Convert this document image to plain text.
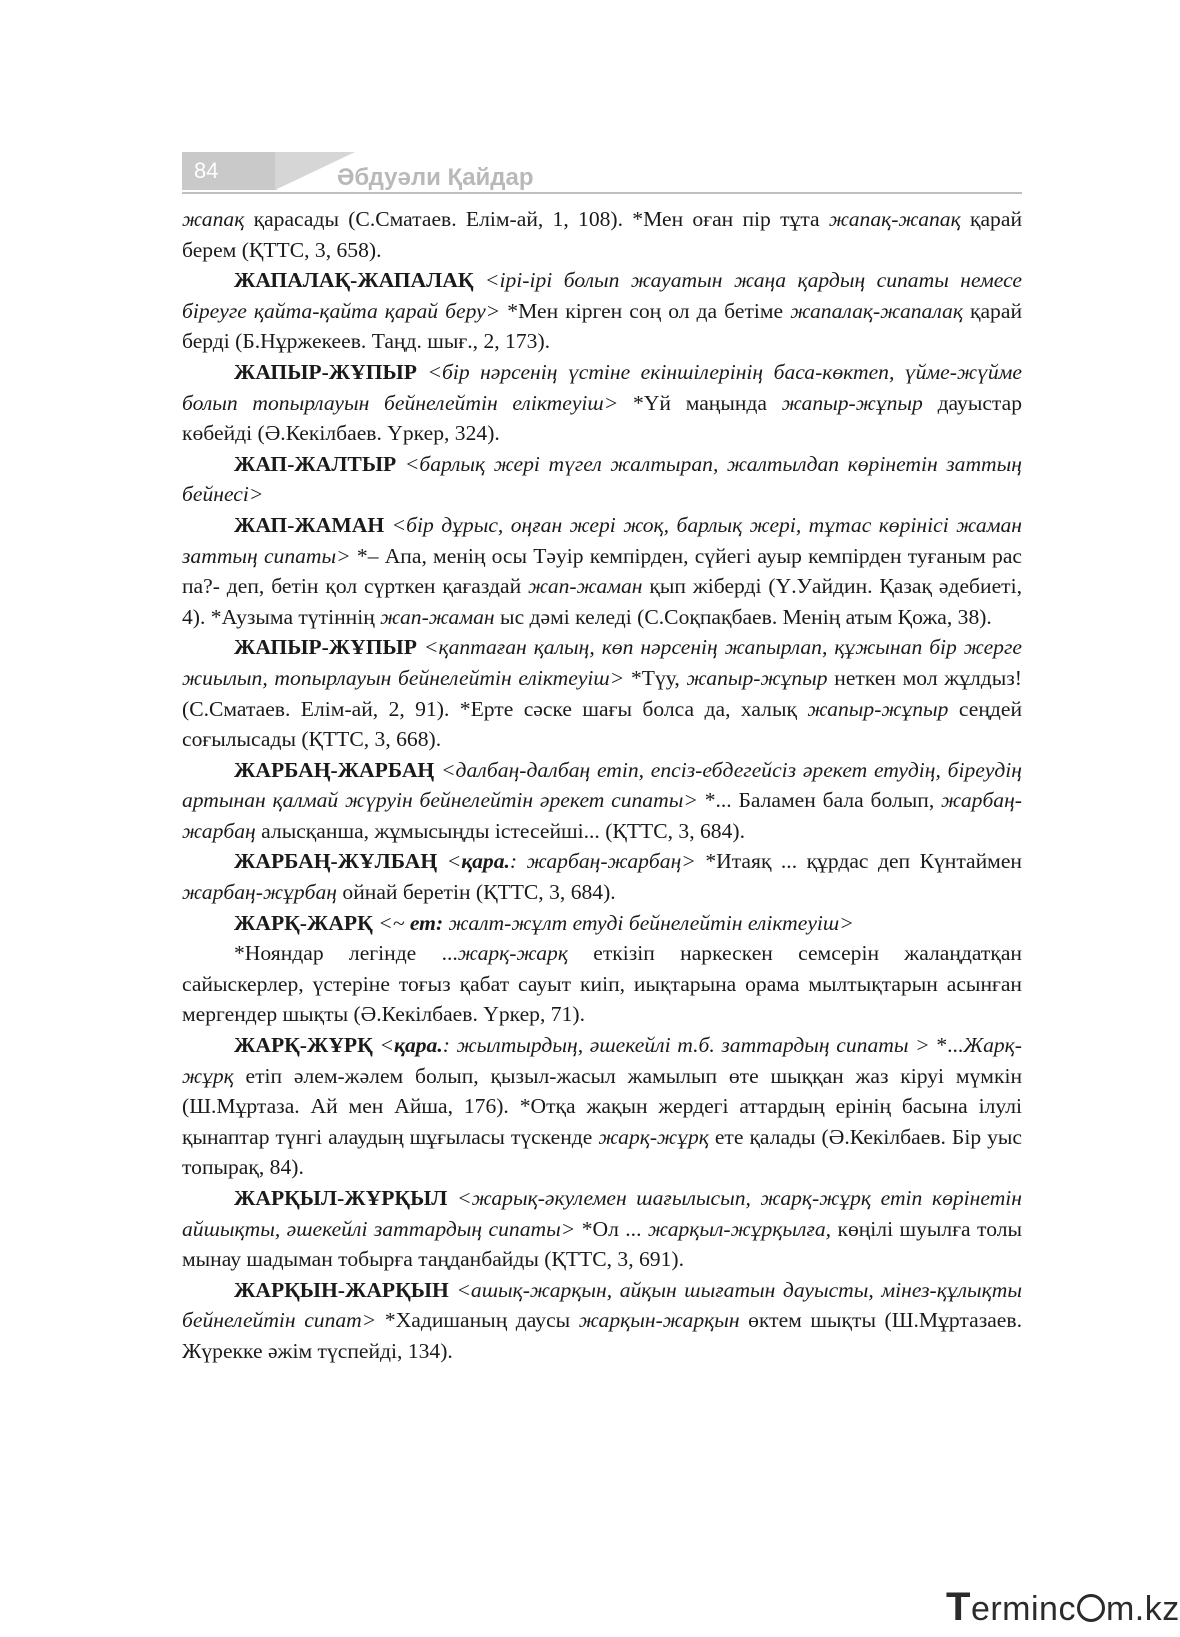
84	Әбдуәли Қайдар

жапақ қарасады (С.Сматаев. Елім-ай, 1, 108). *Мен оған пір тұта жапақ-жапақ қарай берем (ҚТТС, 3, 658).

ЖАПАЛАҚ-ЖАПАЛАҚ <ірі-ірі болып жауатын жаңа қардың сипаты немесе біреуге қайта-қайта қарай беру> *Мен кірген соң ол да бетіме жапалақ-жапалақ қарай берді (Б.Нұржекеев. Таңд. шығ., 2, 173).

ЖАПЫР-ЖҰПЫР <бір нәрсенің үстіне екіншілерінің баса-көктеп, үйме-жүйме болып топырлауын бейнелейтін еліктеуіш> *Үй маңында жапыр-жұпыр дауыстар көбейді (Ә.Кекілбаев. Үркер, 324).

ЖАП-ЖАЛТЫР <барлық жері түгел жалтырап, жалтылдап көрінетін заттың бейнесі>

ЖАП-ЖАМАН <бір дұрыс, оңған жері жоқ, барлық жері, тұтас көрінісі жаман заттың сипаты> *– Апа, менің осы Тәуір кемпірден, сүйегі ауыр кемпірден туғаным рас па?- деп, бетін қол сүрткен қағаздай жап-жаман қып жіберді (Ү.Уайдин. Қазақ әдебиеті, 4). *Аузыма түтіннің жап-жаман ыс дәмі келеді (С.Соқпақбаев. Менің атым Қожа, 38).

ЖАПЫР-ЖҰПЫР <қаптаған қалың, көп нәрсенің жапырлап, құжынап бір жерге жиылып, топырлауын бейнелейтін еліктеуіш> *Түу, жапыр-жұпыр неткен мол жұлдыз! (С.Сматаев. Елім-ай, 2, 91). *Ерте сәске шағы болса да, халық жапыр-жұпыр сеңдей соғылысады (ҚТТС, 3, 668).

ЖАРБАҢ-ЖАРБАҢ <далбаң-далбаң етіп, епсіз-ебдегейсіз әрекет етудің, біреудің артынан қалмай жүруін бейнелейтін әрекет сипаты> *... Баламен бала болып, жарбаң-жарбаң алысқанша, жұмысыңды істесейші... (ҚТТС, 3, 684).

ЖАРБАҢ-ЖҰЛБАҢ <қара.: жарбаң-жарбаң> *Итаяқ ... құрдас деп Күнтаймен жарбаң-жұрбаң ойнай беретін (ҚТТС, 3, 684).

ЖАРҚ-ЖАРҚ <~ ет: жалт-жұлт етуді бейнелейтін еліктеуіш>

*Нояндар легінде ...жарқ-жарқ еткізіп наркескен семсерін жалаңдатқан сайыскерлер, үстеріне тоғыз қабат сауыт киіп, иықтарына орама мылтықтарын асынған мергендер шықты (Ә.Кекілбаев. Үркер, 71).

ЖАРҚ-ЖҰРҚ <қара.: жылтырдың, әшекейлі т.б. заттардың сипаты > *...Жарқ-жұрқ етіп әлем-жәлем болып, қызыл-жасыл жамылып өте шыққан жаз кіруі мүмкін (Ш.Мұртаза. Ай мен Айша, 176). *Отқа жақын жердегі аттардың ерінің басына ілулі қынаптар түнгі алаудың шұғыласы түскенде жарқ-жұрқ ете қалады (Ә.Кекілбаев. Бір уыс топырақ, 84).

ЖАРҚЫЛ-ЖҰРҚЫЛ <жарық-әкулемен шағылысып, жарқ-жұрқ етіп көрінетін айшықты, әшекейлі заттардың сипаты> *Ол ... жарқыл-жұрқылға, көңілі шуылға толы мынау шадыман тобырға таңданбайды (ҚТТС, 3, 691).

ЖАРҚЫН-ЖАРҚЫН <ашық-жарқын, айқын шығатын дауысты, мінез-құлықты бейнелейтін сипат> *Хадишаның даусы жарқын-жарқын өктем шықты (Ш.Мұртазаев. Жүрекке әжім түспейді, 134).

Terminc m.kz
